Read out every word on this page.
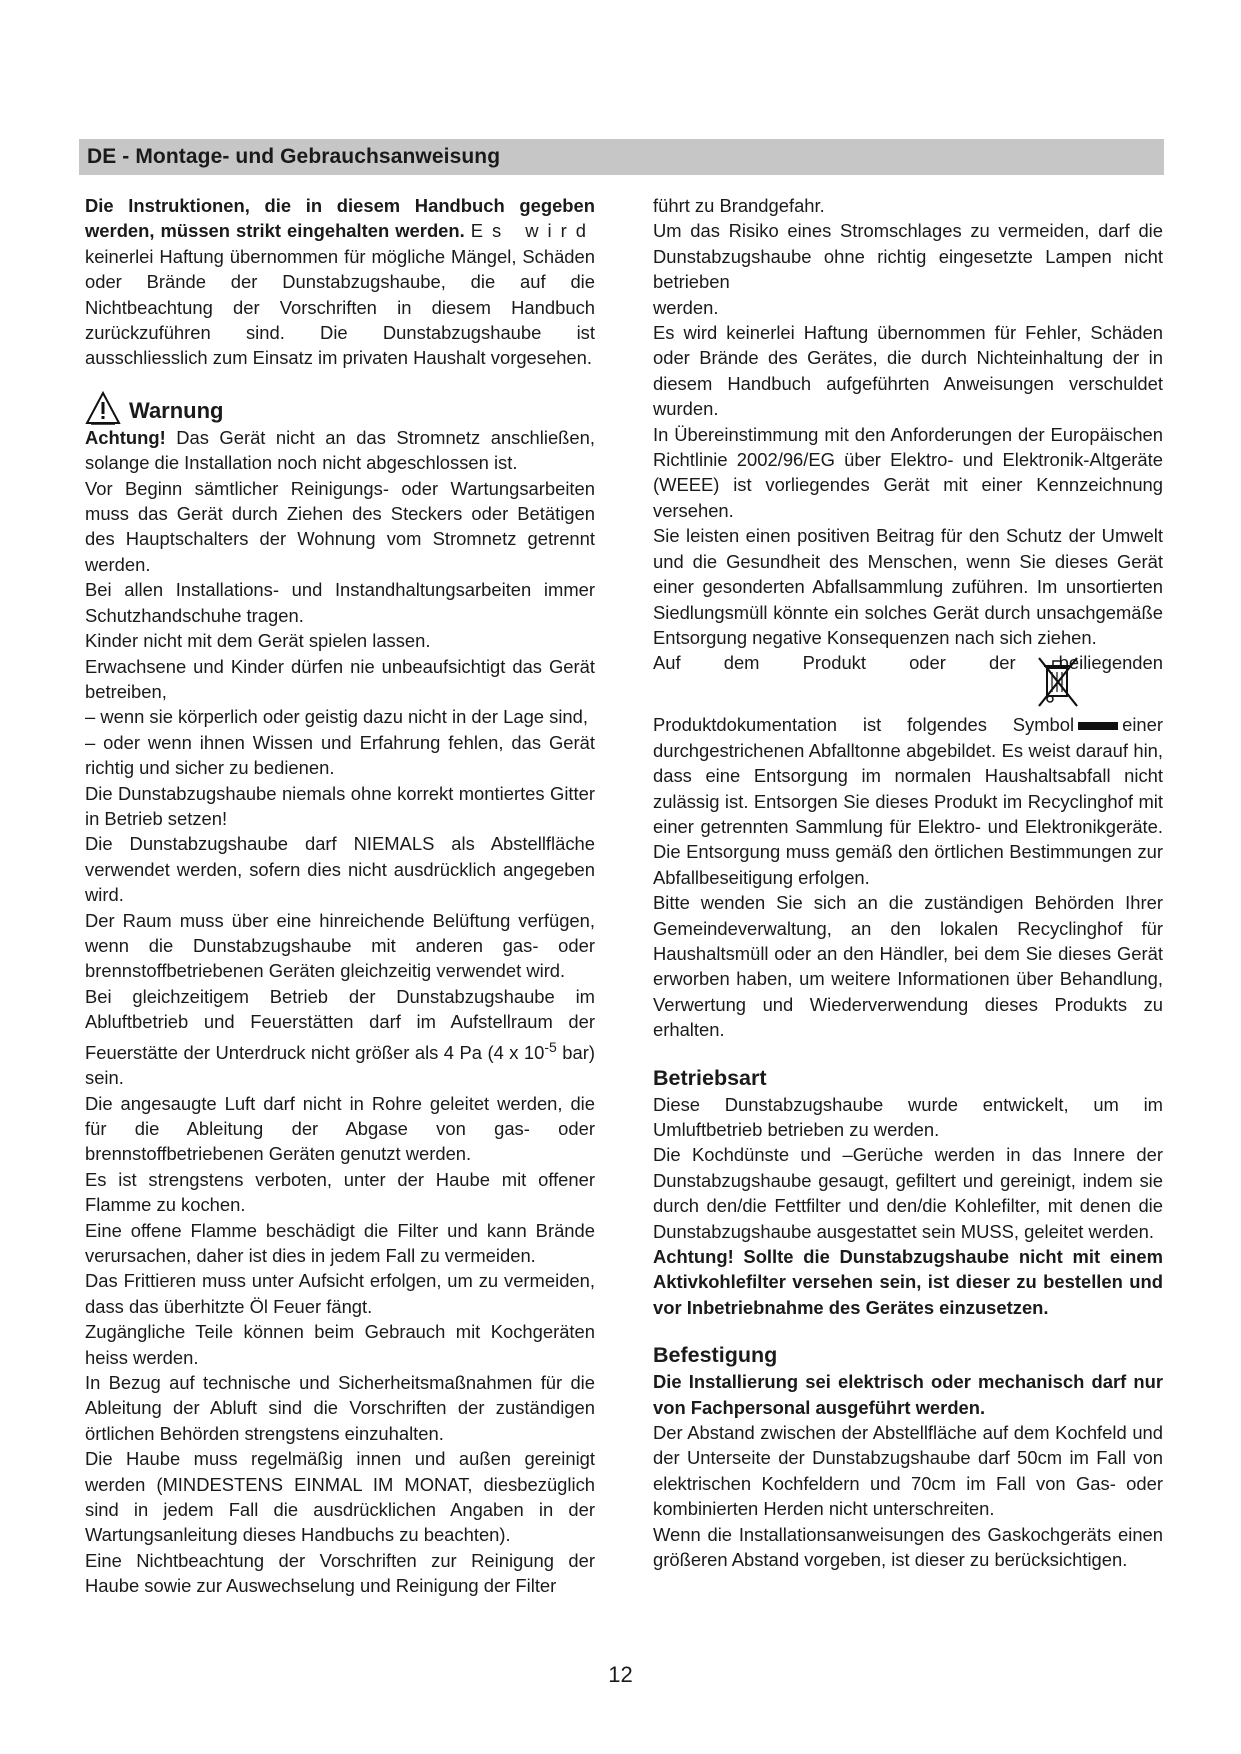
DE - Montage- und Gebrauchsanweisung

Die Instruktionen, die in diesem Handbuch gegeben werden, müssen strikt eingehalten werden. Es wird keinerlei Haftung übernommen für mögliche Mängel, Schäden oder Brände der Dunstabzugshaube, die auf die Nichtbeachtung der Vorschriften in diesem Handbuch zurückzuführen sind. Die Dunstabzugshaube ist ausschliesslich zum Einsatz im privaten Haushalt vorgesehen.

Warnung

Achtung! Das Gerät nicht an das Stromnetz anschließen, solange die Installation noch nicht abgeschlossen ist.

Vor Beginn sämtlicher Reinigungs- oder Wartungsarbeiten muss das Gerät durch Ziehen des Steckers oder Betätigen des Hauptschalters der Wohnung vom Stromnetz getrennt werden.

Bei allen Installations- und Instandhaltungsarbeiten immer Schutzhandschuhe tragen.

Kinder nicht mit dem Gerät spielen lassen.

Erwachsene und Kinder dürfen nie unbeaufsichtigt das Gerät betreiben,

– wenn sie körperlich oder geistig dazu nicht in der Lage sind,

– oder wenn ihnen Wissen und Erfahrung fehlen, das Gerät richtig und sicher zu bedienen.

Die Dunstabzugshaube niemals ohne korrekt montiertes Gitter in Betrieb setzen!

Die Dunstabzugshaube darf NIEMALS als Abstellfläche verwendet werden, sofern dies nicht ausdrücklich angegeben wird.

Der Raum muss über eine hinreichende Belüftung verfügen, wenn die Dunstabzugshaube mit anderen gas- oder brennstoffbetriebenen Geräten gleichzeitig verwendet wird.

Bei gleichzeitigem Betrieb der Dunstabzugshaube im Abluftbetrieb und Feuerstätten darf im Aufstellraum der Feuerstätte der Unterdruck nicht größer als 4 Pa (4 x $10^{-5}$ bar) sein.

Die angesaugte Luft darf nicht in Rohre geleitet werden, die für die Ableitung der Abgase von gas- oder brennstoffbetriebenen Geräten genutzt werden.

Es ist strengstens verboten, unter der Haube mit offener Flamme zu kochen.

Eine offene Flamme beschädigt die Filter und kann Brände verursachen, daher ist dies in jedem Fall zu vermeiden.

Das Frittieren muss unter Aufsicht erfolgen, um zu vermeiden, dass das überhitzte Öl Feuer fängt.

Zugängliche Teile können beim Gebrauch mit Kochgeräten heiss werden.

In Bezug auf technische und Sicherheitsmaßnahmen für die Ableitung der Abluft sind die Vorschriften der zuständigen örtlichen Behörden strengstens einzuhalten.

Die Haube muss regelmäßig innen und außen gereinigt werden (MINDESTENS EINMAL IM MONAT, diesbezüglich sind in jedem Fall die ausdrücklichen Angaben in der Wartungsanleitung dieses Handbuchs zu beachten).

Eine Nichtbeachtung der Vorschriften zur Reinigung der Haube sowie zur Auswechselung und Reinigung der Filter

führt zu Brandgefahr.

Um das Risiko eines Stromschlages zu vermeiden, darf die Dunstabzugshaube ohne richtig eingesetzte Lampen nicht betrieben

werden.

Es wird keinerlei Haftung übernommen für Fehler, Schäden oder Brände des Gerätes, die durch Nichteinhaltung der in diesem Handbuch aufgeführten Anweisungen verschuldet wurden.

In Übereinstimmung mit den Anforderungen der Europäischen Richtlinie 2002/96/EG über Elektro- und Elektronik-Altgeräte (WEEE) ist vorliegendes Gerät mit einer Kennzeichnung versehen.

Sie leisten einen positiven Beitrag für den Schutz der Umwelt und die Gesundheit des Menschen, wenn Sie dieses Gerät einer gesonderten Abfallsammlung zuführen. Im unsortierten Siedlungsmüll könnte ein solches Gerät durch unsachgemäße Entsorgung negative Konsequenzen nach sich ziehen.

Auf dem Produkt oder der beiliegenden

Produktdokumentation ist folgendes Symbol	einer

durchgestrichenen Abfalltonne abgebildet. Es weist darauf hin, dass eine Entsorgung im normalen Haushaltsabfall nicht zulässig ist. Entsorgen Sie dieses Produkt im Recyclinghof mit einer getrennten Sammlung für Elektro- und Elektronikgeräte. Die Entsorgung muss gemäß den örtlichen Bestimmungen zur Abfallbeseitigung erfolgen.

Bitte wenden Sie sich an die zuständigen Behörden Ihrer Gemeindeverwaltung, an den lokalen Recyclinghof für Haushaltsmüll oder an den Händler, bei dem Sie dieses Gerät erworben haben, um weitere Informationen über Behandlung, Verwertung und Wiederverwendung dieses Produkts zu erhalten.

Betriebsart

Diese Dunstabzugshaube wurde entwickelt, um im Umluftbetrieb betrieben zu werden.

Die Kochdünste und –Gerüche werden in das Innere der Dunstabzugshaube gesaugt, gefiltert und gereinigt, indem sie durch den/die Fettfilter und den/die Kohlefilter, mit denen die Dunstabzugshaube ausgestattet sein MUSS, geleitet werden.

Achtung! Sollte die Dunstabzugshaube nicht mit einem Aktivkohlefilter versehen sein, ist dieser zu bestellen und vor Inbetriebnahme des Gerätes einzusetzen.

Befestigung

Die Installierung sei elektrisch oder mechanisch darf nur von Fachpersonal ausgeführt werden.

Der Abstand zwischen der Abstellfläche auf dem Kochfeld und der Unterseite der Dunstabzugshaube darf 50cm im Fall von elektrischen Kochfeldern und 70cm im Fall von Gas- oder kombinierten Herden nicht unterschreiten.

Wenn die Installationsanweisungen des Gaskochgeräts einen größeren Abstand vorgeben, ist dieser zu berücksichtigen.

12
